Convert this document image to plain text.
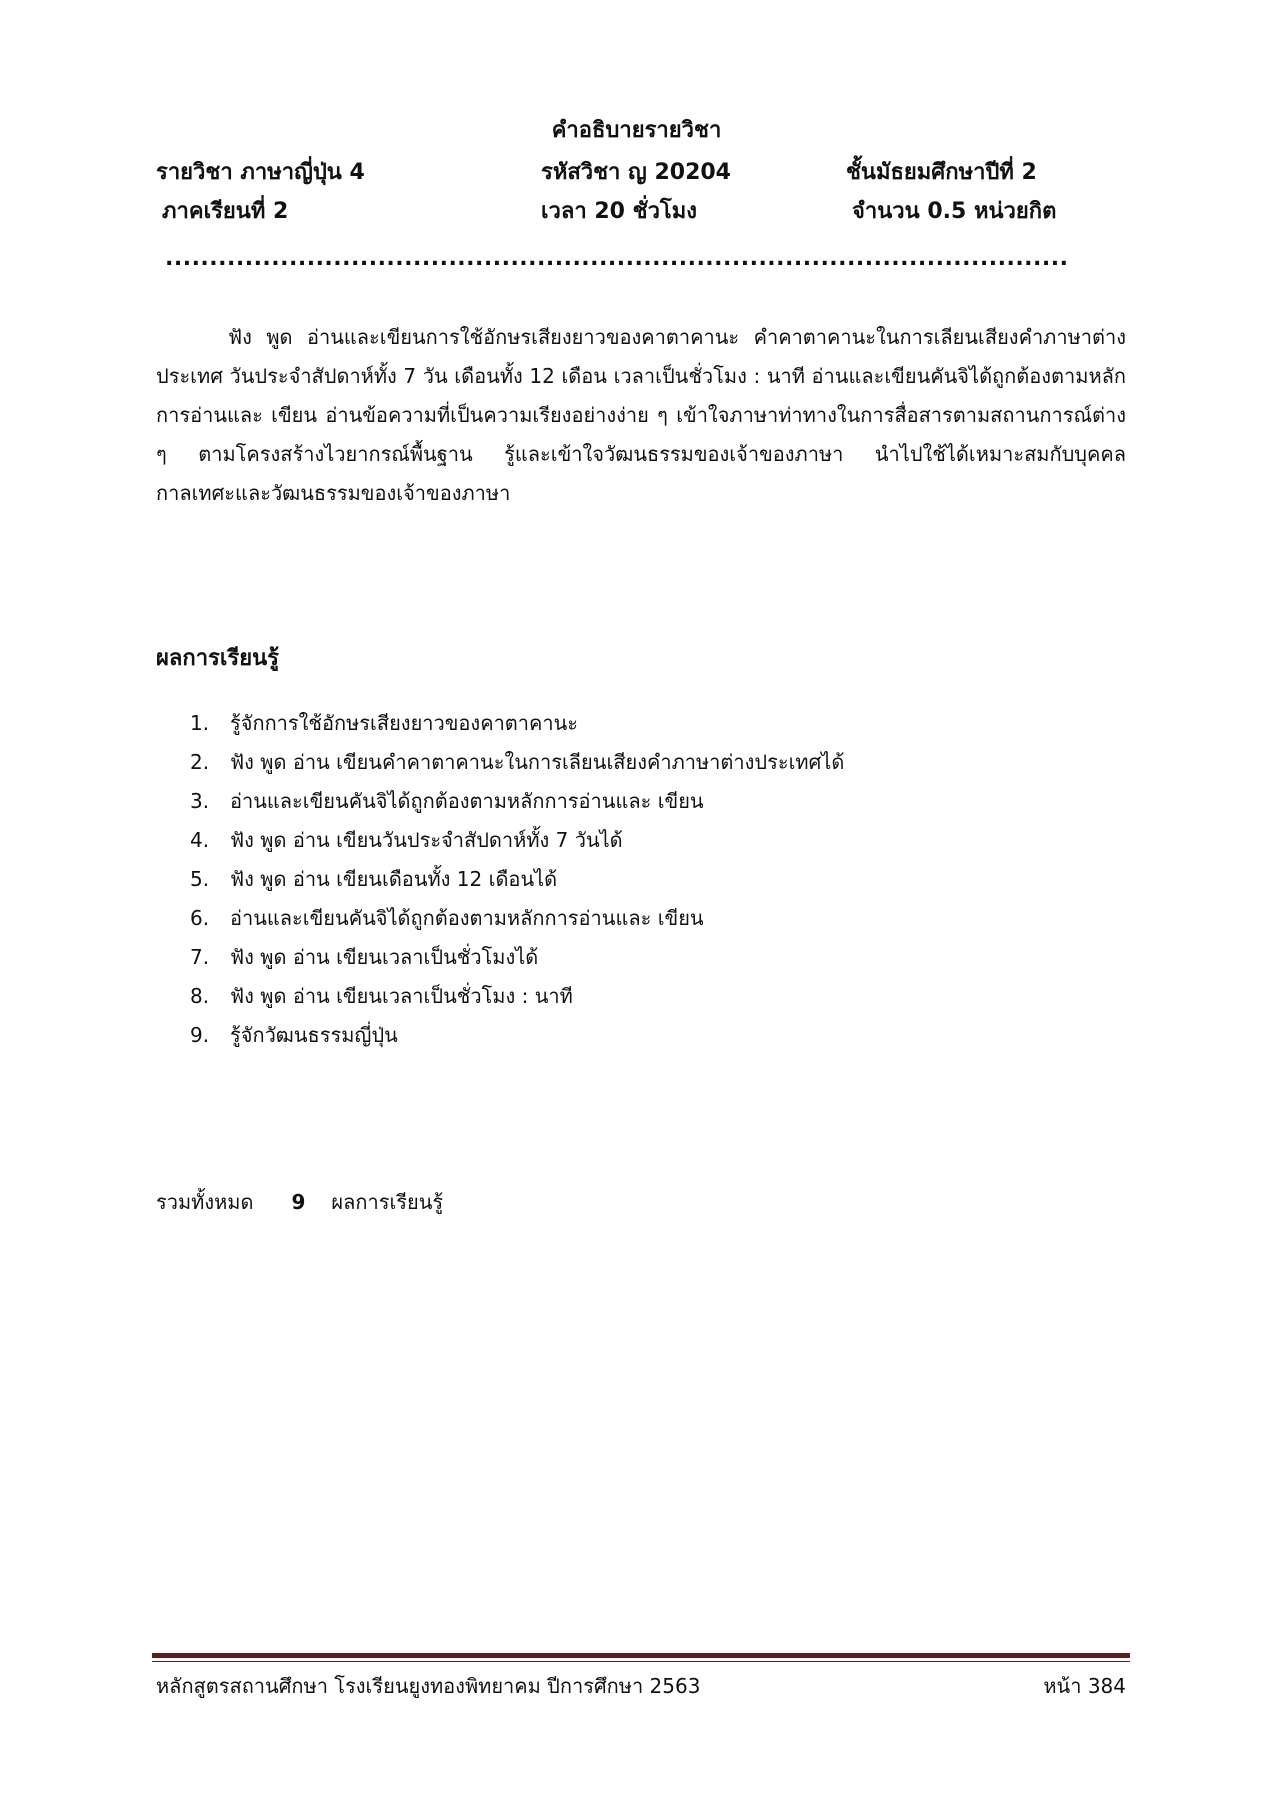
คำอธิบายรายวิชา
รายวิชา ภาษาญี่ปุ่น 4	รหัสวิชา ญ 20204	ชั้นมัธยมศึกษาปีที่ 2
ภาคเรียนที่ 2	เวลา 20 ชั่วโมง	จำนวน 0.5 หน่วยกิต
......................................................................................................

ฟัง พูด อ่านและเขียนการใช้อักษรเสียงยาวของคาตาคานะ คำคาตาคานะในการเลียนเสียงคำภาษาต่างประเทศ วันประจำสัปดาห์ทั้ง 7 วัน เดือนทั้ง 12 เดือน เวลาเป็นชั่วโมง : นาที อ่านและเขียนคันจิได้ถูกต้องตามหลักการอ่านและ เขียน อ่านข้อความที่เป็นความเรียงอย่างง่าย ๆ เข้าใจภาษาท่าทางในการสื่อสารตามสถานการณ์ต่าง ๆ ตามโครงสร้างไวยากรณ์พื้นฐาน รู้และเข้าใจวัฒนธรรมของเจ้าของภาษา นำไปใช้ได้เหมาะสมกับบุคคล กาลเทศะและวัฒนธรรมของเจ้าของภาษา

ผลการเรียนรู้
1. รู้จักการใช้อักษรเสียงยาวของคาตาคานะ
2. ฟัง พูด อ่าน เขียนคำคาตาคานะในการเลียนเสียงคำภาษาต่างประเทศได้
3. อ่านและเขียนคันจิได้ถูกต้องตามหลักการอ่านและ เขียน
4. ฟัง พูด อ่าน เขียนวันประจำสัปดาห์ทั้ง 7 วันได้
5. ฟัง พูด อ่าน เขียนเดือนทั้ง 12 เดือนได้
6. อ่านและเขียนคันจิได้ถูกต้องตามหลักการอ่านและ เขียน
7. ฟัง พูด อ่าน เขียนเวลาเป็นชั่วโมงได้
8. ฟัง พูด อ่าน เขียนเวลาเป็นชั่วโมง : นาที
9. รู้จักวัฒนธรรมญี่ปุ่น
รวมทั้งหมด 9 ผลการเรียนรู้
หลักสูตรสถานศึกษา โรงเรียนยูงทองพิทยาคม ปีการศึกษา 2563	หน้า 384
